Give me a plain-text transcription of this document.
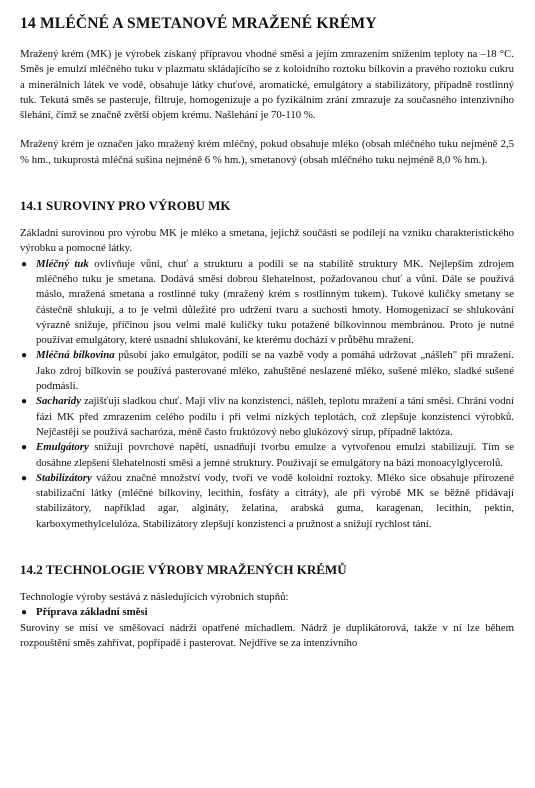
14 MLÉČNÉ A SMETANOVÉ MRAŽENÉ KRÉMY

Mražený krém (MK) je výrobek získaný přípravou vhodné směsi a jejím zmrazením snížením teploty na –18 °C. Směs je emulzí mléčného tuku v plazmatu skládajícího se z koloidního roztoku bílkovin a pravého roztoku cukru a minerálních látek ve vodě, obsahuje látky chuťové, aromatické, emulgátory a stabilizátory, případně rostlinný tuk. Tekutá směs se pasteruje, filtruje, homogenizuje a po fyzikálním zrání zmrazuje za současného intenzivního šlehání, čímž se značně zvětší objem krému. Našlehání je 70-110 %.

Mražený krém je označen jako mražený krém mléčný, pokud obsahuje mléko (obsah mléčného tuku nejméně 2,5 % hm., tukuprostá mléčná sušina nejméně 6 % hm.), smetanový (obsah mléčného tuku nejméně 8,0 % hm.).

14.1 SUROVINY PRO VÝROBU MK

Základní surovinou pro výrobu MK je mléko a smetana, jejichž součásti se podílejí na vzniku charakteristického výrobku a pomocné látky.

● Mléčný tuk ovlivňuje vůni, chuť a strukturu a podílí se na stabilitě struktury MK. Nejlepším zdrojem mléčného tuku je smetana. Dodává směsi dobrou šlehatelnost, požadovanou chuť a vůni. Dále se používá máslo, mražená smetana a rostlinné tuky (mražený krém s rostlinným tukem). Tukové kuličky smetany se částečně shlukují, a to je velmi důležité pro udržení tvaru a suchosti hmoty. Homogenizací se shlukování výrazně snižuje, příčinou jsou velmi malé kuličky tuku potažené bílkovinnou membránou. Proto je nutné používat emulgátory, které usnadní shlukování, ke kterému dochází v průběhu mražení.
● Mléčná bílkovina působí jako emulgátor, podílí se na vazbě vody a pomáhá udržovat „nášleh" při mražení. Jako zdroj bílkovin se používá pasterované mléko, zahuštěné neslazené mléko, sušené mléko, sladké sušené podmáslí.
● Sacharidy zajišťují sladkou chuť. Mají vliv na konzistenci, nášleh, teplotu mražení a tání směsi. Chrání vodní fázi MK před zmrazením celého podílu i při velmi nízkých teplotách, což zlepšuje konzistenci výrobků. Nejčastěji se používá sacharóza, méně často fruktózový nebo glukózový sirup, případně laktóza.
● Emulgátory snižují povrchové napětí, usnadňují tvorbu emulze a vytvořenou emulzi stabilizují. Tím se dosáhne zlepšení šlehatelnosti směsi a jemné struktury. Používají se emulgátory na bázi monoacylglycerolů.
● Stabilizátory vážou značné množství vody, tvoří ve vodě koloidní roztoky. Mléko sice obsahuje přirozené stabilizační látky (mléčné bílkoviny, lecithin, fosfáty a citráty), ale při výrobě MK se běžně přidávají stabilizátory, například agar, algináty, želatina, arabská guma, karagenan, lecithin, pektin, karboxymethylcelulóza. Stabilizátory zlepšují konzistenci a pružnost a snižují rychlost tání.
14.2 TECHNOLOGIE VÝROBY MRAŽENÝCH KRÉMŮ

Technologie výroby sestává z následujících výrobních stupňů:

● Příprava základní směsi

Suroviny se mísí ve směšovací nádrži opatřené míchadlem. Nádrž je duplikátorová, takže v ní lze během rozpouštění směs zahřívat, popřípadě i pasterovat. Nejdříve se za intenzivního
